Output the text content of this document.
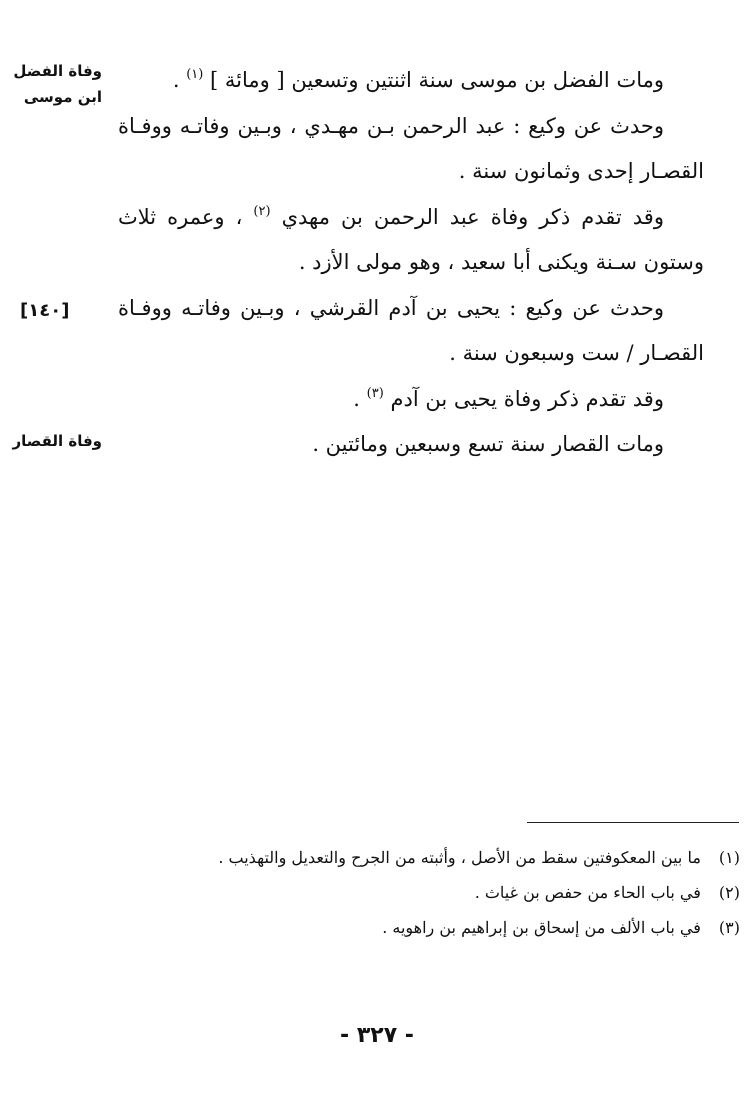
وفاة الفضل
ابن موسى
[١٤٠]
وفاة القصار

ومات الفضل بن موسى سنة اثنتين وتسعين [ ومائة ] $^{(١)}$ .

وحدث عن وكيع : عبد الرحمن بـن مهـدي ، وبـين وفاتـه ووفـاة القصـار إحدى وثمانون سنة .

وقد تقدم ذكر وفاة عبد الرحمن بن مهدي $^{(٢)}$ ، وعمره ثلاث وستون سـنة ويكنى أبا سعيد ، وهو مولى الأزد .

وحدث عن وكيع : يحيى بن آدم القرشي ، وبـين وفاتـه ووفـاة القصـار / ست وسبعون سنة .

وقد تقدم ذكر وفاة يحيى بن آدم $^{(٣)}$ .

ومات القصار سنة تسع وسبعين ومائتين .

(١) ما بين المعكوفتين سقط من الأصل ، وأثبته من الجرح والتعديل والتهذيب .

(٢) في باب الحاء من حفص بن غياث .

(٣) في باب الألف من إسحاق بن إبراهيم بن راهويه .

- ٣٢٧ -
